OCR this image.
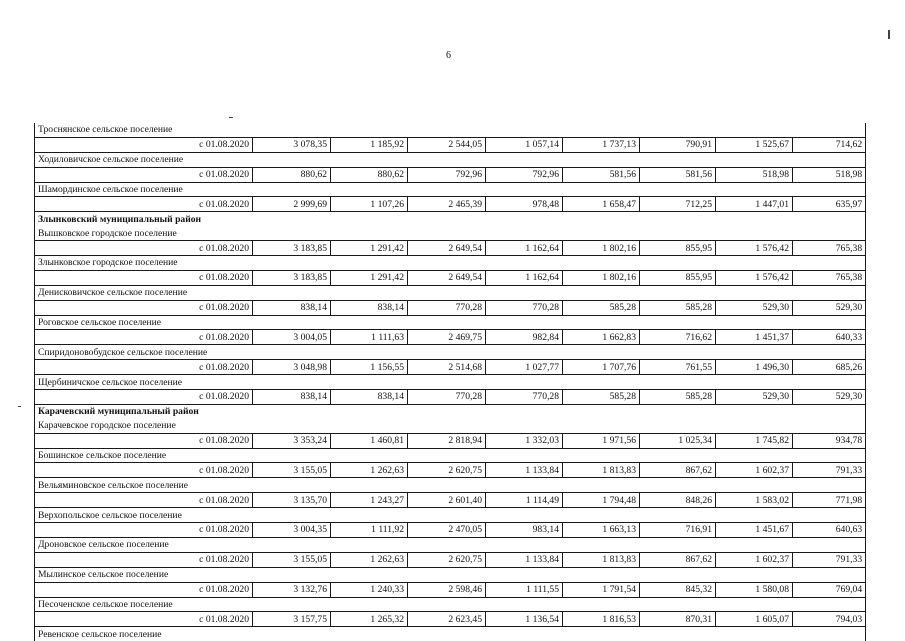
6
Троснянское сельское поселение								
с 01.08.2020	3 078,35	1 185,92	2 544,05	1 057,14	1 737,13	790,91	1 525,67	714,62
Ходиловичское сельское поселение								
с 01.08.2020	880,62	880,62	792,96	792,96	581,56	581,56	518,98	518,98
Шамординское сельское поселение								
с 01.08.2020	2 999,69	1 107,26	2 465,39	978,48	1 658,47	712,25	1 447,01	635,97
Злынковский муниципальный район								
Вышковское городское поселение								
с 01.08.2020	3 183,85	1 291,42	2 649,54	1 162,64	1 802,16	855,95	1 576,42	765,38
Злынковское городское поселение								
с 01.08.2020	3 183,85	1 291,42	2 649,54	1 162,64	1 802,16	855,95	1 576,42	765,38
Денисковичское сельское поселение								
с 01.08.2020	838,14	838,14	770,28	770,28	585,28	585,28	529,30	529,30
Роговское сельское поселение								
с 01.08.2020	3 004,05	1 111,63	2 469,75	982,84	1 662,83	716,62	1 451,37	640,33
Спиридоновобудское сельское поселение								
с 01.08.2020	3 048,98	1 156,55	2 514,68	1 027,77	1 707,76	761,55	1 496,30	685,26
Щербиничское сельское поселение								
с 01.08.2020	838,14	838,14	770,28	770,28	585,28	585,28	529,30	529,30
Карачевский муниципальный район								
Карачевское городское поселение								
с 01.08.2020	3 353,24	1 460,81	2 818,94	1 332,03	1 971,56	1 025,34	1 745,82	934,78
Бошинское сельское поселение								
с 01.08.2020	3 155,05	1 262,63	2 620,75	1 133,84	1 813,83	867,62	1 602,37	791,33
Вельяминовское сельское поселение								
с 01.08.2020	3 135,70	1 243,27	2 601,40	1 114,49	1 794,48	848,26	1 583,02	771,98
Верхопольское сельское поселение								
с 01.08.2020	3 004,35	1 111,92	2 470,05	983,14	1 663,13	716,91	1 451,67	640,63
Дроновское сельское поселение								
с 01.08.2020	3 155,05	1 262,63	2 620,75	1 133,84	1 813,83	867,62	1 602,37	791,33
Мылинское сельское поселение								
с 01.08.2020	3 132,76	1 240,33	2 598,46	1 111,55	1 791,54	845,32	1 580,08	769,04
Песоченское сельское поселение								
с 01.08.2020	3 157,75	1 265,32	2 623,45	1 136,54	1 816,53	870,31	1 605,07	794,03
Ревенское сельское поселение								
